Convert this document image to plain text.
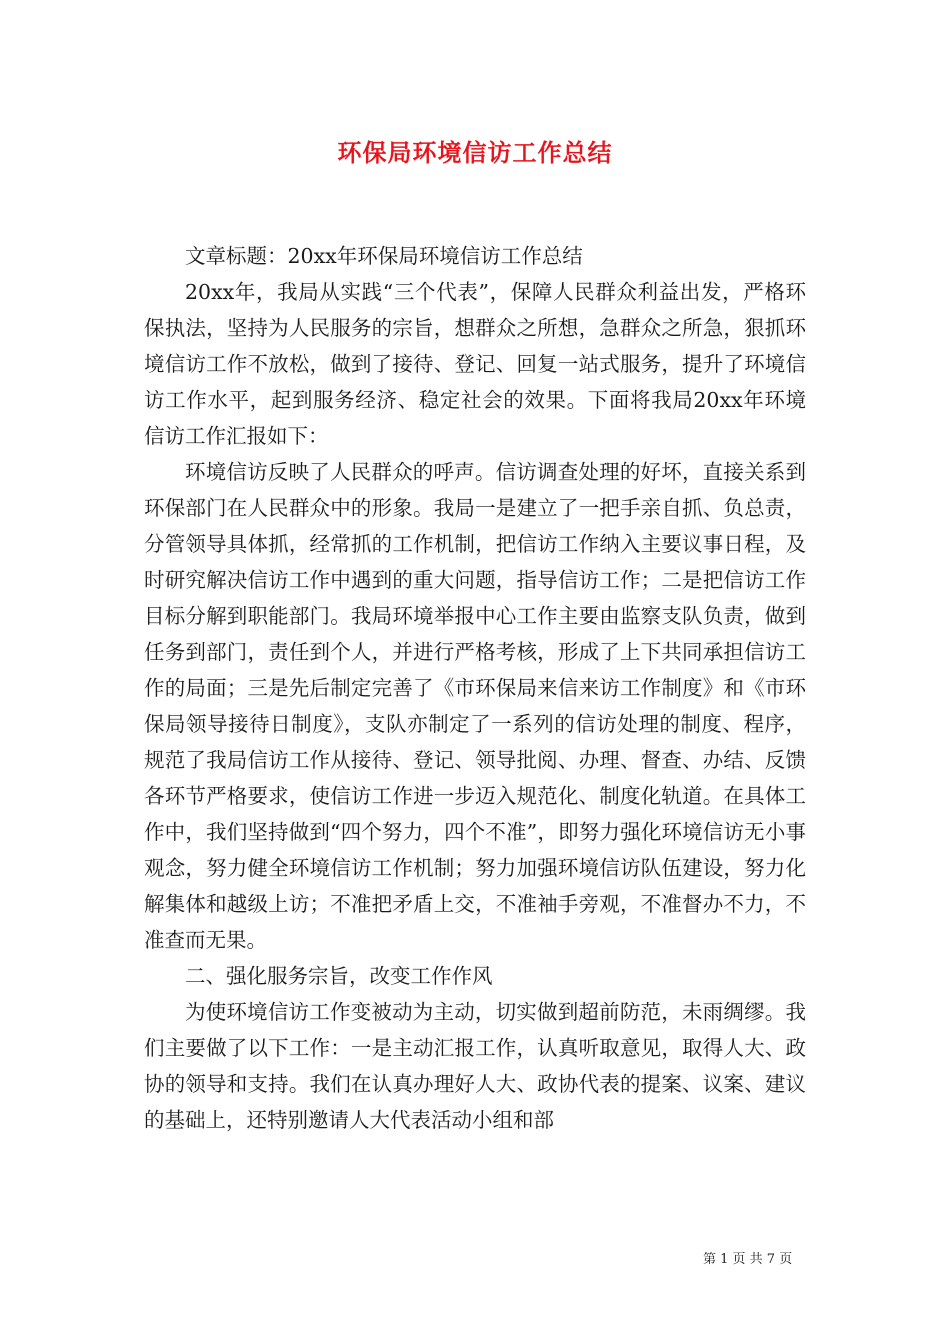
环保局环境信访工作总结

文章标题：20xx年环保局环境信访工作总结

20xx年，我局从实践“三个代表”，保障人民群众利益出发，严格环保执法，坚持为人民服务的宗旨，想群众之所想，急群众之所急，狠抓环境信访工作不放松，做到了接待、登记、回复一站式服务，提升了环境信访工作水平，起到服务经济、稳定社会的效果。下面将我局20xx年环境信访工作汇报如下：

环境信访反映了人民群众的呼声。信访调查处理的好坏，直接关系到环保部门在人民群众中的形象。我局一是建立了一把手亲自抓、负总责，分管领导具体抓，经常抓的工作机制，把信访工作纳入主要议事日程，及时研究解决信访工作中遇到的重大问题，指导信访工作；二是把信访工作目标分解到职能部门。我局环境举报中心工作主要由监察支队负责，做到任务到部门，责任到个人，并进行严格考核，形成了上下共同承担信访工作的局面；三是先后制定完善了《市环保局来信来访工作制度》和《市环保局领导接待日制度》，支队亦制定了一系列的信访处理的制度、程序，规范了我局信访工作从接待、登记、领导批阅、办理、督查、办结、反馈各环节严格要求，使信访工作进一步迈入规范化、制度化轨道。在具体工作中，我们坚持做到“四个努力，四个不准”，即努力强化环境信访无小事观念，努力健全环境信访工作机制；努力加强环境信访队伍建设，努力化解集体和越级上访；不准把矛盾上交，不准袖手旁观，不准督办不力，不准查而无果。

二、强化服务宗旨，改变工作作风

为使环境信访工作变被动为主动，切实做到超前防范，未雨绸缪。我们主要做了以下工作：一是主动汇报工作，认真听取意见，取得人大、政协的领导和支持。我们在认真办理好人大、政协代表的提案、议案、建议的基础上，还特别邀请人大代表活动小组和部

第 1 页 共 7 页
